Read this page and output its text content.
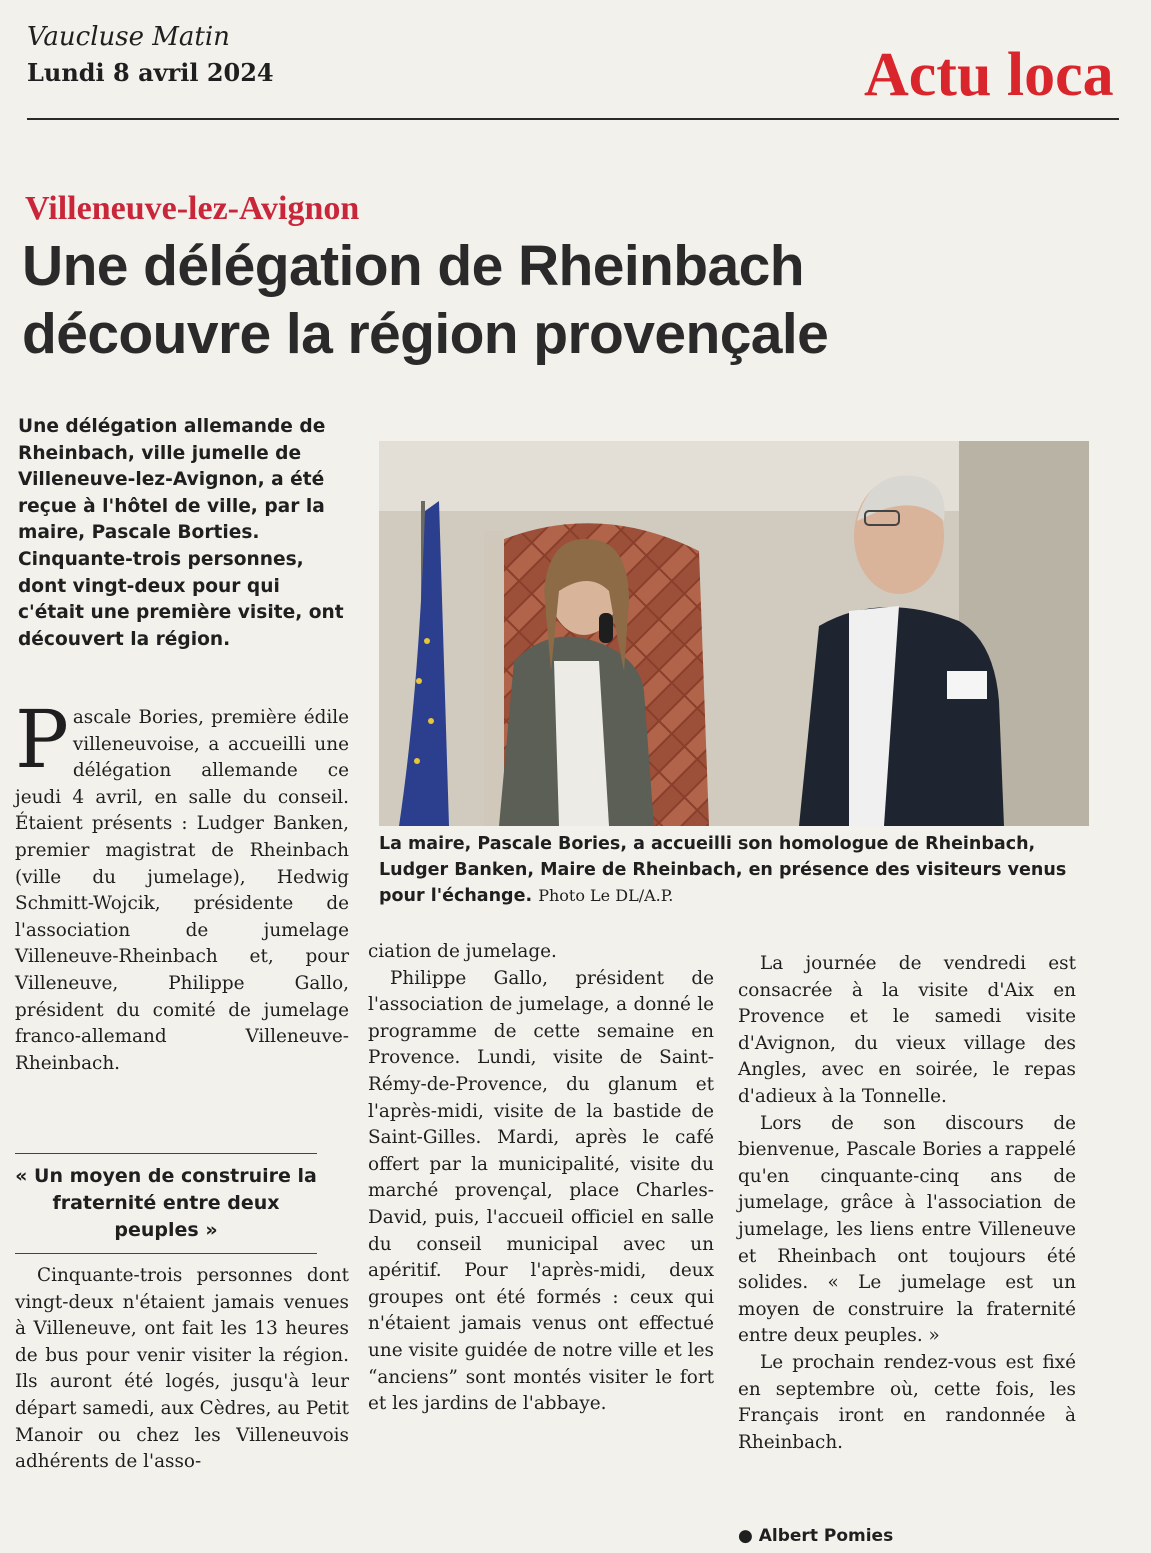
Vaucluse Matin
Lundi 8 avril 2024	Actu loca
Villeneuve-lez-Avignon
Une délégation de Rheinbach découvre la région provençale
Une délégation allemande de Rheinbach, ville jumelle de Villeneuve-lez-Avignon, a été reçue à l'hôtel de ville, par la maire, Pascale Borties. Cinquante-trois personnes, dont vingt-deux pour qui c'était une première visite, ont découvert la région.
La maire, Pascale Bories, a accueilli son homologue de Rheinbach, Ludger Banken, Maire de Rheinbach, en présence des visiteurs venus pour l'échange. Photo Le DL/A.P.

Pascale Bories, première édile villeneuvoise, a accueilli une délégation allemande ce jeudi 4 avril, en salle du conseil. Étaient présents : Ludger Banken, premier magistrat de Rheinbach (ville du jumelage), Hedwig Schmitt-Wojcik, présidente de l'association de jumelage Villeneuve-Rheinbach et, pour Villeneuve, Philippe Gallo, président du comité de jumelage franco-allemand Villeneuve-Rheinbach.

« Un moyen de construire la fraternité entre deux peuples »

Cinquante-trois personnes dont vingt-deux n'étaient jamais venues à Villeneuve, ont fait les 13 heures de bus pour venir visiter la région. Ils auront été logés, jusqu'à leur départ samedi, aux Cèdres, au Petit Manoir ou chez les Villeneuvois adhérents de l'asso-

ciation de jumelage.

Philippe Gallo, président de l'association de jumelage, a donné le programme de cette semaine en Provence. Lundi, visite de Saint-Rémy-de-Provence, du glanum et l'après-midi, visite de la bastide de Saint-Gilles. Mardi, après le café offert par la municipalité, visite du marché provençal, place Charles-David, puis, l'accueil officiel en salle du conseil municipal avec un apéritif. Pour l'après-midi, deux groupes ont été formés : ceux qui n'étaient jamais venus ont effectué une visite guidée de notre ville et les “anciens” sont montés visiter le fort et les jardins de l'abbaye.

La journée de vendredi est consacrée à la visite d'Aix en Provence et le samedi visite d'Avignon, du vieux village des Angles, avec en soirée, le repas d'adieux à la Tonnelle.

Lors de son discours de bienvenue, Pascale Bories a rappelé qu'en cinquante-cinq ans de jumelage, grâce à l'association de jumelage, les liens entre Villeneuve et Rheinbach ont toujours été solides. « Le jumelage est un moyen de construire la fraternité entre deux peuples. »

Le prochain rendez-vous est fixé en septembre où, cette fois, les Français iront en randonnée à Rheinbach.

● Albert Pomies
